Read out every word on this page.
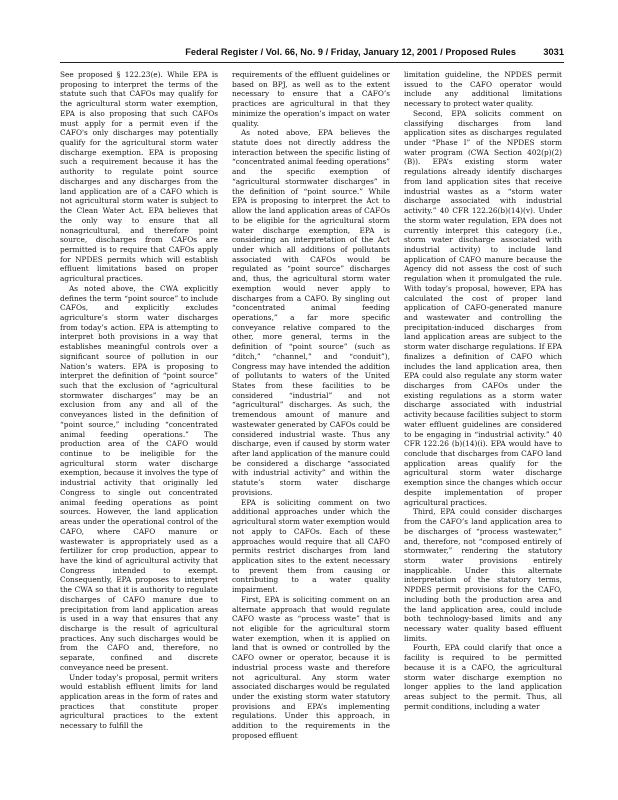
Federal Register / Vol. 66, No. 9 / Friday, January 12, 2001 / Proposed Rules	3031

See proposed § 122.23(e). While EPA is proposing to interpret the terms of the statute such that CAFOs may qualify for the agricultural storm water exemption, EPA is also proposing that such CAFOs must apply for a permit even if the CAFO's only discharges may potentially qualify for the agricultural storm water discharge exemption. EPA is proposing such a requirement because it has the authority to regulate point source discharges and any discharges from the land application are of a CAFO which is not agricultural storm water is subject to the Clean Water Act. EPA believes that the only way to ensure that all nonagricultural, and therefore point source, discharges from CAFOs are permitted is to require that CAFOs apply for NPDES permits which will establish effluent limitations based on proper agricultural practices.

As noted above, the CWA explicitly defines the term “point source” to include CAFOs, and explicitly excludes agriculture’s storm water discharges from today’s action. EPA is attempting to interpret both provisions in a way that establishes meaningful controls over a significant source of pollution in our Nation’s waters. EPA is proposing to interpret the definition of “point source” such that the exclusion of “agricultural stormwater discharges” may be an exclusion from any and all of the conveyances listed in the definition of “point source,” including “concentrated animal feeding operations.” The production area of the CAFO would continue to be ineligible for the agricultural storm water discharge exemption, because it involves the type of industrial activity that originally led Congress to single out concentrated animal feeding operations as point sources. However, the land application areas under the operational control of the CAFO, where CAFO manure or wastewater is appropriately used as a fertilizer for crop production, appear to have the kind of agricultural activity that Congress intended to exempt. Consequently, EPA proposes to interpret the CWA so that it is authority to regulate discharges of CAFO manure due to precipitation from land application areas is used in a way that ensures that any discharge is the result of agricultural practices. Any such discharges would be from the CAFO and, therefore, no separate, confined and discrete conveyance need be present.

Under today’s proposal, permit writers would establish effluent limits for land application areas in the form of rates and practices that constitute proper agricultural practices to the extent necessary to fulfill the

requirements of the effluent guidelines or based on BPJ, as well as to the extent necessary to ensure that a CAFO’s practices are agricultural in that they minimize the operation’s impact on water quality.

As noted above, EPA believes the statute does not directly address the interaction between the specific listing of “concentrated animal feeding operations” and the specific exemption of “agricultural stormwater discharges” in the definition of “point source.” While EPA is proposing to interpret the Act to allow the land application areas of CAFOs to be eligible for the agricultural storm water discharge exemption, EPA is considering an interpretation of the Act under which all additions of pollutants associated with CAFOs would be regulated as “point source” discharges and, thus, the agricultural storm water exemption would never apply to discharges from a CAFO. By singling out “concentrated animal feeding operations,” a far more specific conveyance relative compared to the other, more general, terms in the definition of “point source” (such as “ditch,” “channel,” and “conduit”), Congress may have intended the addition of pollutants to waters of the United States from these facilities to be considered “industrial” and not “agricultural” discharges. As such, the tremendous amount of manure and wastewater generated by CAFOs could be considered industrial waste. Thus any discharge, even if caused by storm water after land application of the manure could be considered a discharge “associated with industrial activity” and within the statute’s storm water discharge provisions.

EPA is soliciting comment on two additional approaches under which the agricultural storm water exemption would not apply to CAFOs. Each of these approaches would require that all CAFO permits restrict discharges from land application sites to the extent necessary to prevent them from causing or contributing to a water quality impairment.

First, EPA is soliciting comment on an alternate approach that would regulate CAFO waste as “process waste” that is not eligible for the agricultural storm water exemption, when it is applied on land that is owned or controlled by the CAFO owner or operator, because it is industrial process waste and therefore not agricultural. Any storm water associated discharges would be regulated under the existing storm water statutory provisions and EPA’s implementing regulations. Under this approach, in addition to the requirements in the proposed effluent

limitation guideline, the NPDES permit issued to the CAFO operator would include any additional limitations necessary to protect water quality.

Second, EPA solicits comment on classifying discharges from land application sites as discharges regulated under “Phase I” of the NPDES storm water program (CWA Section 402(p)(2)(B)). EPA’s existing storm water regulations already identify discharges from land application sites that receive industrial wastes as a “storm water discharge associated with industrial activity.” 40 CFR 122.26(b)(14)(v). Under the storm water regulation, EPA does not currently interpret this category (i.e., storm water discharge associated with industrial activity) to include land application of CAFO manure because the Agency did not assess the cost of such regulation when it promulgated the rule. With today’s proposal, however, EPA has calculated the cost of proper land application of CAFO-generated manure and wastewater and controlling the precipitation-induced discharges from land application areas are subject to the storm water discharge regulations. If EPA finalizes a definition of CAFO which includes the land application area, then EPA could also regulate any storm water discharges from CAFOs under the existing regulations as a storm water discharge associated with industrial activity because facilities subject to storm water effluent guidelines are considered to be engaging in “industrial activity.” 40 CFR 122.26 (b)(14)(i). EPA would have to conclude that discharges from CAFO land application areas qualify for the agricultural storm water discharge exemption since the changes which occur despite implementation of proper agricultural practices.

Third, EPA could consider discharges from the CAFO’s land application area to be discharges of “process wastewater,” and, therefore, not “composed entirely of stormwater,” rendering the statutory storm water provisions entirely inapplicable. Under this alternate interpretation of the statutory terms, NPDES permit provisions for the CAFO, including both the production area and the land application area, could include both technology-based limits and any necessary water quality based effluent limits.

Fourth, EPA could clarify that once a facility is required to be permitted because it is a CAFO, the agricultural storm water discharge exemption no longer applies to the land application areas subject to the permit. Thus, all permit conditions, including a water
